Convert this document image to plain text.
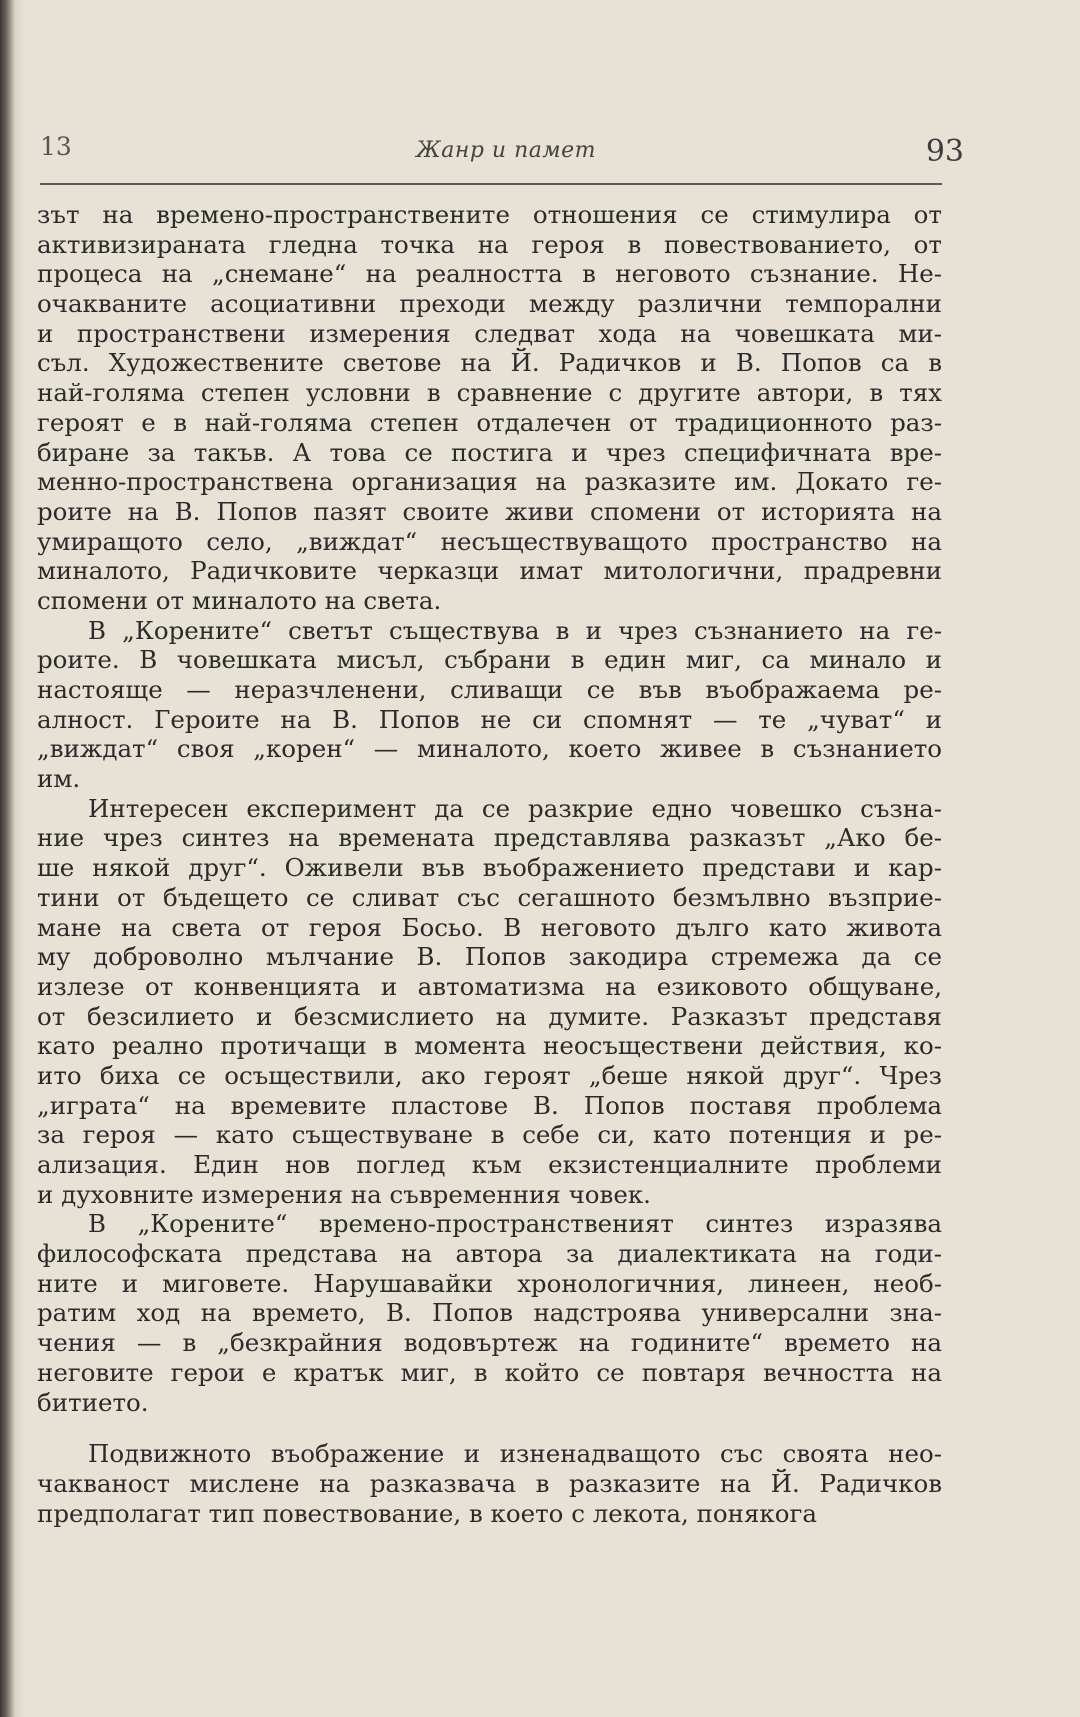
13	Жанр и памет	93
зът на времено-пространствените отношения се стимулира от
активизираната гледна точка на героя в повествованието, от
процеса на „снемане“ на реалността в неговото съзнание. Не-
очакваните асоциативни преходи между различни темпорални
и пространствени измерения следват хода на човешката ми-
съл. Художествените светове на Й. Радичков и В. Попов са в
най-голяма степен условни в сравнение с другите автори, в тях
героят е в най-голяма степен отдалечен от традиционното раз-
биране за такъв. А това се постига и чрез специфичната вре-
менно-пространствена организация на разказите им. Докато ге-
роите на В. Попов пазят своите живи спомени от историята на
умиращото село, „виждат“ несъществуващото пространство на
миналото, Радичковите черказци имат митологични, прадревни
спомени от миналото на света.
В „Корените“ светът съществува в и чрез съзнанието на ге-
роите. В човешката мисъл, събрани в един миг, са минало и
настояще — неразчленени, сливащи се във въображаема ре-
алност. Героите на В. Попов не си спомнят — те „чуват“ и
„виждат“ своя „корен“ — миналото, което живее в съзнанието
им.
Интересен експеримент да се разкрие едно човешко съзна-
ние чрез синтез на времената представлява разказът „Ако бе-
ше някой друг“. Оживели във въображението представи и кар-
тини от бъдещето се сливат със сегашното безмълвно възприе-
мане на света от героя Босьо. В неговото дълго като живота
му доброволно мълчание В. Попов закодира стремежа да се
излезе от конвенцията и автоматизма на езиковото общуване,
от безсилието и безсмислието на думите. Разказът представя
като реално протичащи в момента неосъществени действия, ко-
ито биха се осъществили, ако героят „беше някой друг“. Чрез
„играта“ на времевите пластове В. Попов поставя проблема
за героя — като съществуване в себе си, като потенция и ре-
ализация. Един нов поглед към екзистенциалните проблеми
и духовните измерения на съвременния човек.
В „Корените“ времено-пространственият синтез изразява
философската представа на автора за диалектиката на годи-
ните и миговете. Нарушавайки хронологичния, линеен, необ-
ратим ход на времето, В. Попов надстроява универсални зна-
чения — в „безкрайния водовъртеж на годините“ времето на
неговите герои е кратък миг, в който се повтаря вечността на
битието.
Подвижното въображение и изненадващото със своята нео-
чакваност мислене на разказвача в разказите на Й. Радичков
предполагат тип повествование, в което с лекота, понякога
